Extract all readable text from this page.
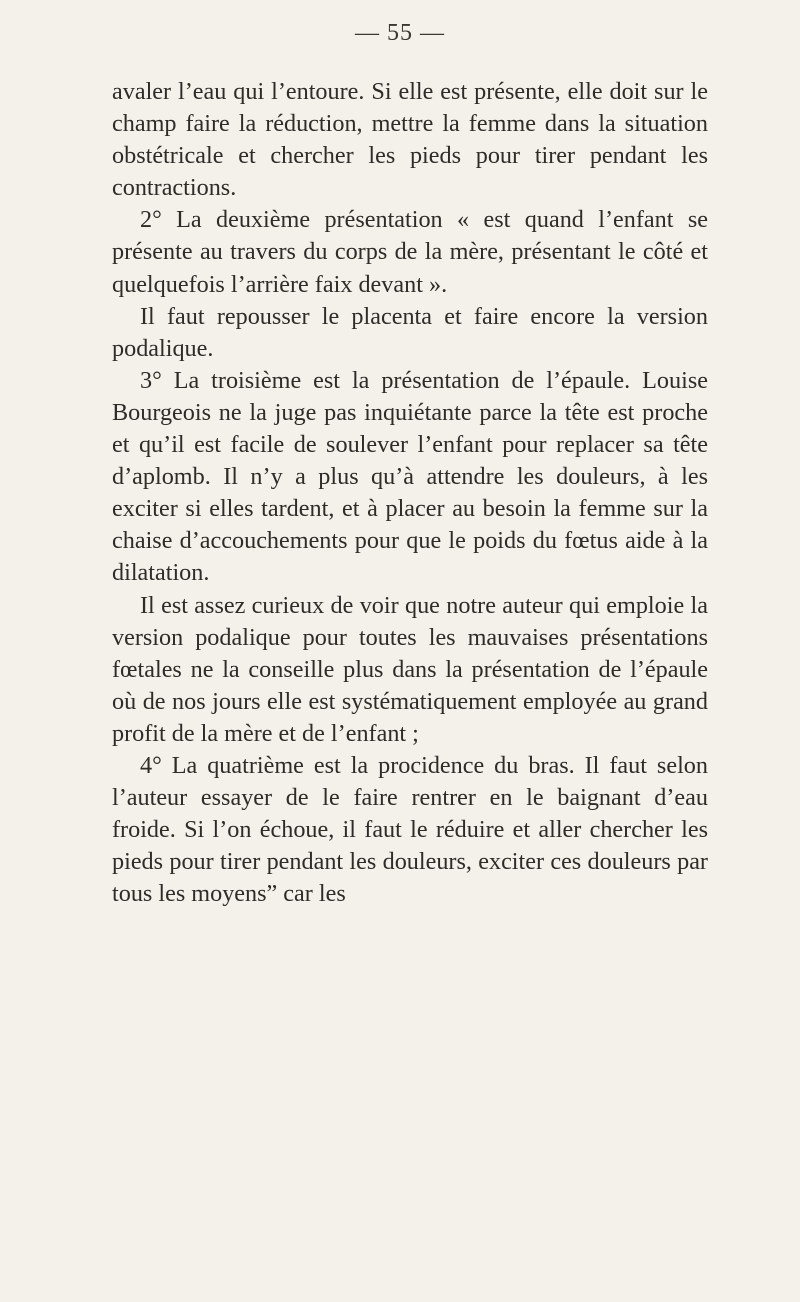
— 55 —

avaler l’eau qui l’entoure. Si elle est présente, elle doit sur le champ faire la réduction, mettre la femme dans la situation obstétricale et chercher les pieds pour tirer pendant les contractions.

2° La deuxième présentation « est quand l’enfant se présente au travers du corps de la mère, présentant le côté et quelquefois l’arrière faix devant ».

Il faut repousser le placenta et faire encore la version podalique.

3° La troisième est la présentation de l’épaule. Louise Bourgeois ne la juge pas inquiétante parce la tête est proche et qu’il est facile de soulever l’enfant pour replacer sa tête d’aplomb. Il n’y a plus qu’à attendre les douleurs, à les exciter si elles tardent, et à placer au besoin la femme sur la chaise d’accouchements pour que le poids du fœtus aide à la dilatation.

Il est assez curieux de voir que notre auteur qui emploie la version podalique pour toutes les mauvaises présentations fœtales ne la conseille plus dans la présentation de l’épaule où de nos jours elle est systématiquement employée au grand profit de la mère et de l’enfant ;

4° La quatrième est la procidence du bras. Il faut selon l’auteur essayer de le faire rentrer en le baignant d’eau froide. Si l’on échoue, il faut le réduire et aller chercher les pieds pour tirer pendant les douleurs, exciter ces douleurs par tous les moyens” car les
